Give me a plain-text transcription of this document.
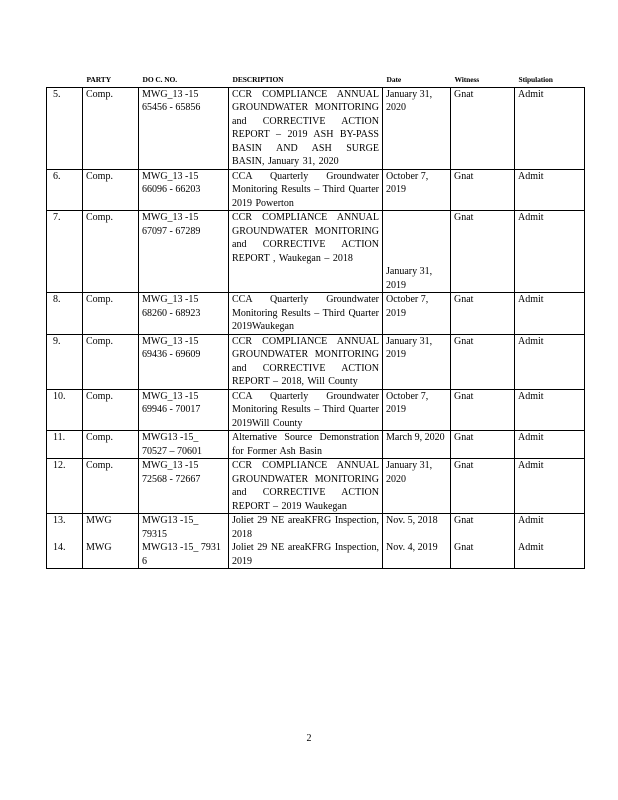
	PARTY	DO C. NO.	DESCRIPTION	Date	Witness	Stipulation
5.	Comp.	MWG_13 -15 65456 - 65856	CCR COMPLIANCE ANNUAL GROUNDWATER MONITORING and CORRECTIVE ACTION REPORT – 2019 ASH BY-PASS BASIN AND ASH SURGE BASIN, January 31, 2020	January 31, 2020	Gnat	Admit
6.	Comp.	MWG_13 -15 66096 - 66203	CCA Quarterly Groundwater Monitoring Results – Third Quarter 2019 Powerton	October 7, 2019	Gnat	Admit
7.	Comp.	MWG_13 -15 67097 - 67289	CCR COMPLIANCE ANNUAL GROUNDWATER MONITORING and CORRECTIVE ACTION REPORT , Waukegan – 2018	January 31, 2019	Gnat	Admit
8.	Comp.	MWG_13 -15 68260 - 68923	CCA Quarterly Groundwater Monitoring Results – Third Quarter 2019Waukegan	October 7, 2019	Gnat	Admit
9.	Comp.	MWG_13 -15 69436 - 69609	CCR COMPLIANCE ANNUAL GROUNDWATER MONITORING and CORRECTIVE ACTION REPORT – 2018, Will County	January 31, 2019	Gnat	Admit
10.	Comp.	MWG_13 -15 69946 - 70017	CCA Quarterly Groundwater Monitoring Results – Third Quarter 2019Will County	October 7, 2019	Gnat	Admit
11.	Comp.	MWG13 -15_ 70527 – 70601	Alternative Source Demonstration for Former Ash Basin	March 9, 2020	Gnat	Admit
12.	Comp.	MWG_13 -15 72568 - 72667	CCR COMPLIANCE ANNUAL GROUNDWATER MONITORING and CORRECTIVE ACTION REPORT – 2019 Waukegan	January 31, 2020	Gnat	Admit
13.	MWG	MWG13 -15_ 79315	Joliet 29 NE areaKFRG Inspection, 2018	Nov. 5, 2018	Gnat	Admit
14.	MWG	MWG13 -15_ 7931 6	Joliet 29 NE areaKFRG Inspection, 2019	Nov. 4, 2019	Gnat	Admit
2
